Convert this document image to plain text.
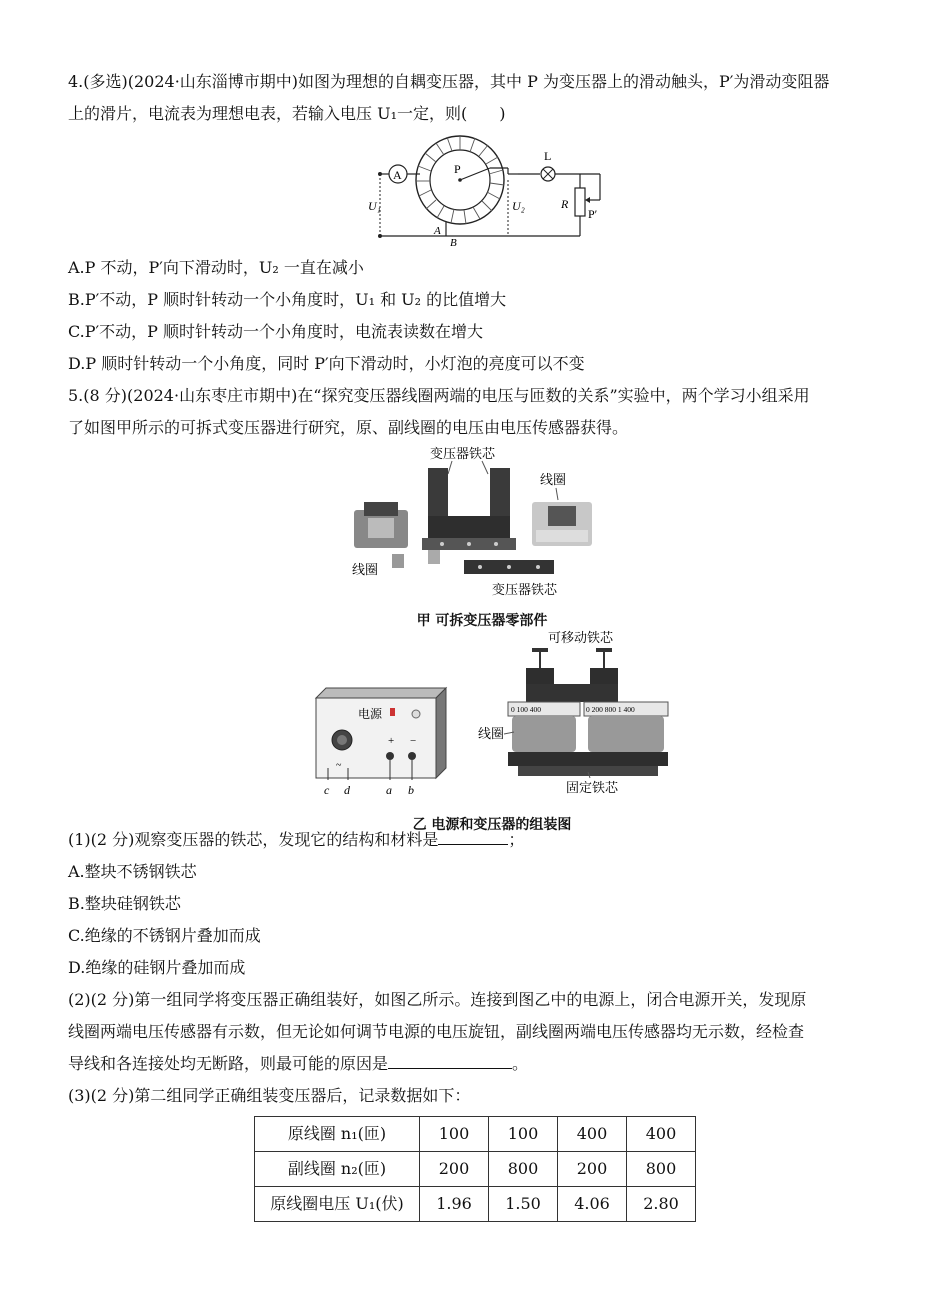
4.(多选)(2024·山东淄博市期中)如图为理想的自耦变压器，其中 P 为变压器上的滑动触头，P′为滑动变阻器
上的滑片，电流表为理想电表，若输入电压 U₁一定，则(　　)
A
U₁
P
A
B
U₂
L
R
P′
A.P 不动，P′向下滑动时，U₂ 一直在减小
B.P′不动，P 顺时针转动一个小角度时，U₁ 和 U₂ 的比值增大
C.P′不动，P 顺时针转动一个小角度时，电流表读数在增大
D.P 顺时针转动一个小角度，同时 P′向下滑动时，小灯泡的亮度可以不变
5.(8 分)(2024·山东枣庄市期中)在“探究变压器线圈两端的电压与匝数的关系”实验中，两个学习小组采用
了如图甲所示的可拆式变压器进行研究，原、副线圈的电压由电压传感器获得。
变压器铁芯
线圈
线圈
变压器铁芯
甲 可拆变压器零部件
电源
+ −
~
c d	a b
可移动铁芯
0 100 400	0 200 800 1 400
线圈
固定铁芯
乙 电源和变压器的组装图
(1)(2 分)观察变压器的铁芯，发现它的结构和材料是	；
A.整块不锈钢铁芯
B.整块硅钢铁芯
C.绝缘的不锈钢片叠加而成
D.绝缘的硅钢片叠加而成
(2)(2 分)第一组同学将变压器正确组装好，如图乙所示。连接到图乙中的电源上，闭合电源开关，发现原
线圈两端电压传感器有示数，但无论如何调节电源的电压旋钮，副线圈两端电压传感器均无示数，经检查
导线和各连接处均无断路，则最可能的原因是	。
(3)(2 分)第二组同学正确组装变压器后，记录数据如下：
原线圈 n₁(匝)	100	100	400	400
副线圈 n₂(匝)	200	800	200	800
原线圈电压 U₁(伏)	1.96	1.50	4.06	2.80
